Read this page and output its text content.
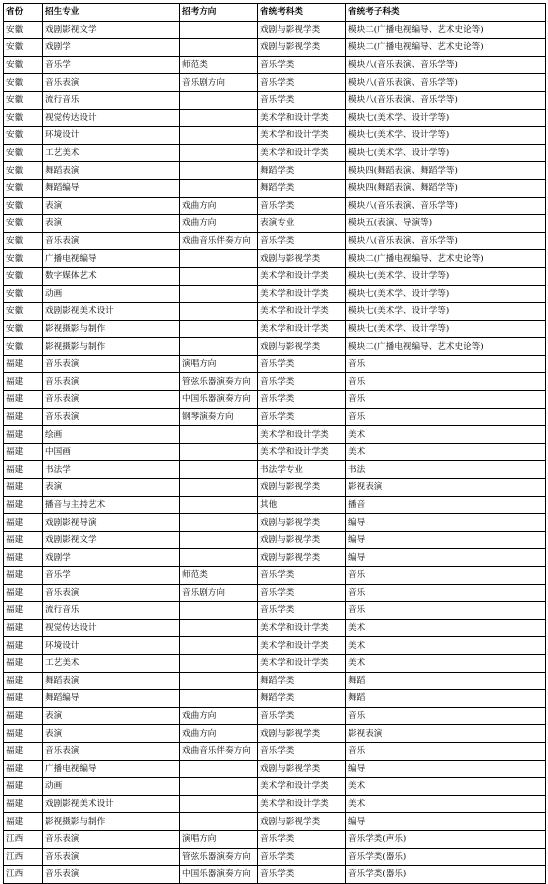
省份	招生专业	招考方向	省统考科类	省统考子科类
安徽	戏剧影视文学		戏剧与影视学类	模块二(广播电视编导、艺术史论等)
安徽	戏剧学		戏剧与影视学类	模块二(广播电视编导、艺术史论等)
安徽	音乐学	师范类	音乐学类	模块八(音乐表演、音乐学等)
安徽	音乐表演	音乐剧方向	音乐学类	模块八(音乐表演、音乐学等)
安徽	流行音乐		音乐学类	模块八(音乐表演、音乐学等)
安徽	视觉传达设计		美术学和设计学类	模块七(美术学、设计学等)
安徽	环境设计		美术学和设计学类	模块七(美术学、设计学等)
安徽	工艺美术		美术学和设计学类	模块七(美术学、设计学等)
安徽	舞蹈表演		舞蹈学类	模块四(舞蹈表演、舞蹈学等)
安徽	舞蹈编导		舞蹈学类	模块四(舞蹈表演、舞蹈学等)
安徽	表演	戏曲方向	音乐学类	模块八(音乐表演、音乐学等)
安徽	表演	戏曲方向	表演专业	模块五(表演、导演等)
安徽	音乐表演	戏曲音乐伴奏方向	音乐学类	模块八(音乐表演、音乐学等)
安徽	广播电视编导		戏剧与影视学类	模块二(广播电视编导、艺术史论等)
安徽	数字媒体艺术		美术学和设计学类	模块七(美术学、设计学等)
安徽	动画		美术学和设计学类	模块七(美术学、设计学等)
安徽	戏剧影视美术设计		美术学和设计学类	模块七(美术学、设计学等)
安徽	影视摄影与制作		美术学和设计学类	模块七(美术学、设计学等)
安徽	影视摄影与制作		戏剧与影视学类	模块二(广播电视编导、艺术史论等)
福建	音乐表演	演唱方向	音乐学类	音乐
福建	音乐表演	管弦乐器演奏方向	音乐学类	音乐
福建	音乐表演	中国乐器演奏方向	音乐学类	音乐
福建	音乐表演	钢琴演奏方向	音乐学类	音乐
福建	绘画		美术学和设计学类	美术
福建	中国画		美术学和设计学类	美术
福建	书法学		书法学专业	书法
福建	表演		戏剧与影视学类	影视表演
福建	播音与主持艺术		其他	播音
福建	戏剧影视导演		戏剧与影视学类	编导
福建	戏剧影视文学		戏剧与影视学类	编导
福建	戏剧学		戏剧与影视学类	编导
福建	音乐学	师范类	音乐学类	音乐
福建	音乐表演	音乐剧方向	音乐学类	音乐
福建	流行音乐		音乐学类	音乐
福建	视觉传达设计		美术学和设计学类	美术
福建	环境设计		美术学和设计学类	美术
福建	工艺美术		美术学和设计学类	美术
福建	舞蹈表演		舞蹈学类	舞蹈
福建	舞蹈编导		舞蹈学类	舞蹈
福建	表演	戏曲方向	音乐学类	音乐
福建	表演	戏曲方向	戏剧与影视学类	影视表演
福建	音乐表演	戏曲音乐伴奏方向	音乐学类	音乐
福建	广播电视编导		戏剧与影视学类	编导
福建	动画		美术学和设计学类	美术
福建	戏剧影视美术设计		美术学和设计学类	美术
福建	影视摄影与制作		戏剧与影视学类	编导
江西	音乐表演	演唱方向	音乐学类	音乐学类(声乐)
江西	音乐表演	管弦乐器演奏方向	音乐学类	音乐学类(器乐)
江西	音乐表演	中国乐器演奏方向	音乐学类	音乐学类(器乐)
